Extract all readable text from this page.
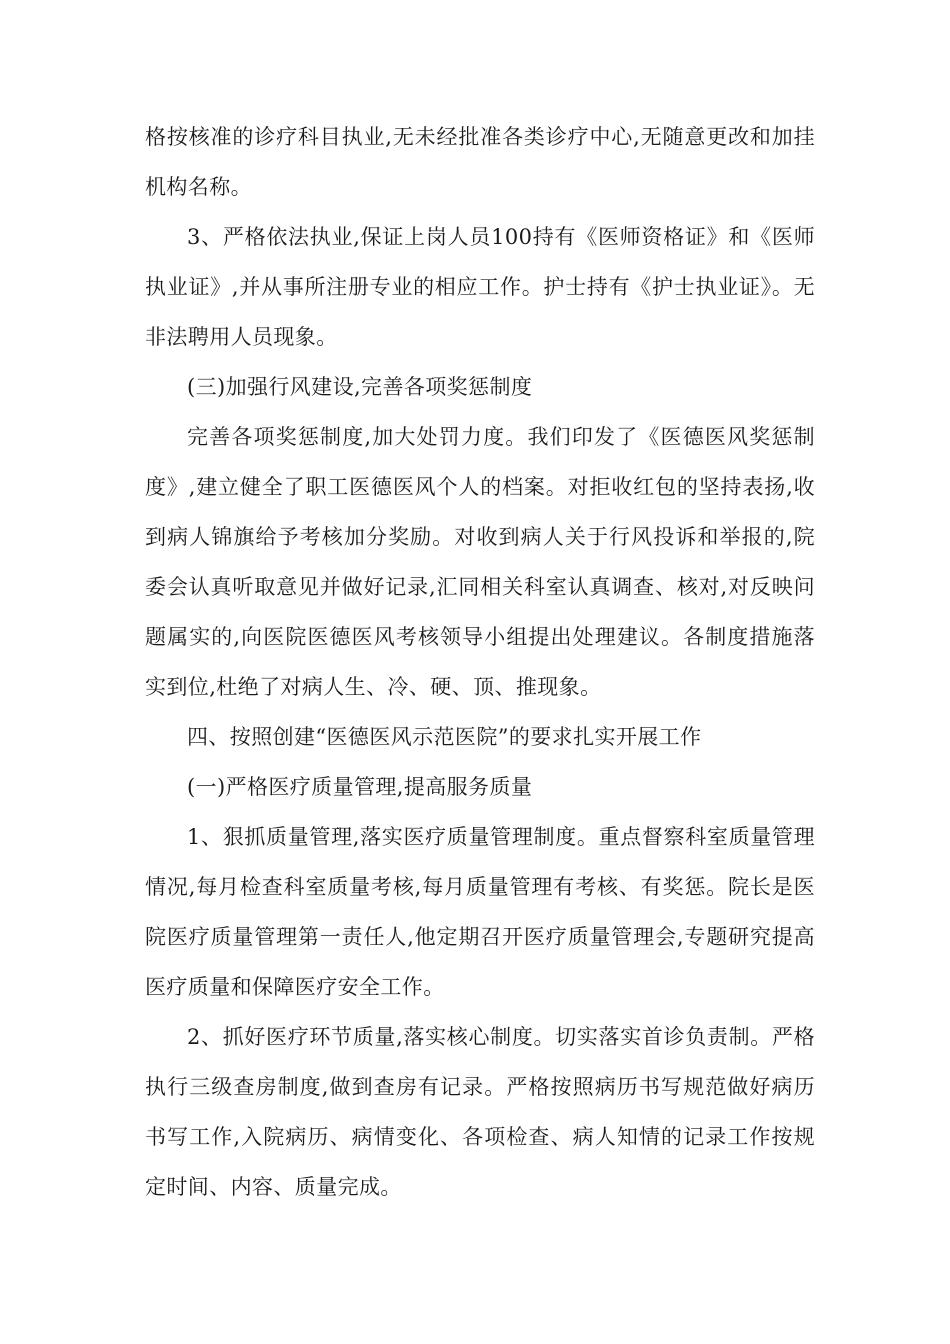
格按核准的诊疗科目执业,无未经批准各类诊疗中心,无随意更改和加挂机构名称。

3、严格依法执业,保证上岗人员100持有《医师资格证》和《医师执业证》,并从事所注册专业的相应工作。护士持有《护士执业证》。无非法聘用人员现象。

(三)加强行风建设,完善各项奖惩制度

完善各项奖惩制度,加大处罚力度。我们印发了《医德医风奖惩制度》,建立健全了职工医德医风个人的档案。对拒收红包的坚持表扬,收到病人锦旗给予考核加分奖励。对收到病人关于行风投诉和举报的,院委会认真听取意见并做好记录,汇同相关科室认真调查、核对,对反映问题属实的,向医院医德医风考核领导小组提出处理建议。各制度措施落实到位,杜绝了对病人生、冷、硬、顶、推现象。

四、按照创建“医德医风示范医院”的要求扎实开展工作

(一)严格医疗质量管理,提高服务质量

1、狠抓质量管理,落实医疗质量管理制度。重点督察科室质量管理情况,每月检查科室质量考核,每月质量管理有考核、有奖惩。院长是医院医疗质量管理第一责任人,他定期召开医疗质量管理会,专题研究提高医疗质量和保障医疗安全工作。

2、抓好医疗环节质量,落实核心制度。切实落实首诊负责制。严格执行三级查房制度,做到查房有记录。严格按照病历书写规范做好病历书写工作,入院病历、病情变化、各项检查、病人知情的记录工作按规定时间、内容、质量完成。
